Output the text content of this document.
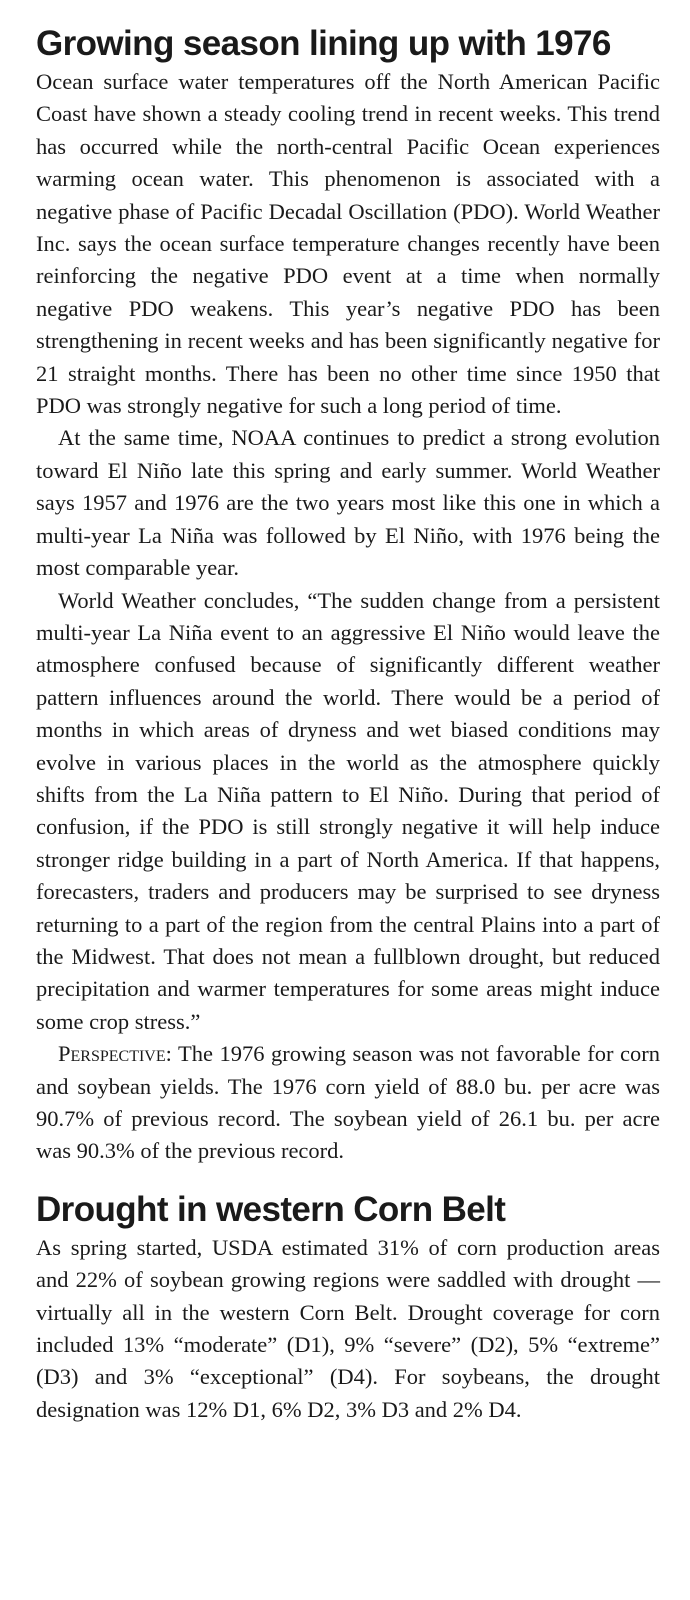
Growing season lining up with 1976

Ocean surface water temperatures off the North American Pacific Coast have shown a steady cooling trend in recent weeks. This trend has occurred while the north-central Pacific Ocean experiences warming ocean water. This phenomenon is associated with a negative phase of Pacific Decadal Oscillation (PDO). World Weather Inc. says the ocean surface temperature changes recently have been reinforcing the negative PDO event at a time when normally negative PDO weakens. This year’s negative PDO has been strengthening in recent weeks and has been significantly negative for 21 straight months. There has been no other time since 1950 that PDO was strongly negative for such a long period of time.

At the same time, NOAA continues to predict a strong evolution toward El Niño late this spring and early summer. World Weather says 1957 and 1976 are the two years most like this one in which a multi-year La Niña was followed by El Niño, with 1976 being the most comparable year.

World Weather concludes, “The sudden change from a persistent multi-year La Niña event to an aggressive El Niño would leave the atmosphere confused because of significantly different weather pattern influences around the world. There would be a period of months in which areas of dryness and wet biased conditions may evolve in various places in the world as the atmosphere quickly shifts from the La Niña pattern to El Niño. During that period of confusion, if the PDO is still strongly negative it will help induce stronger ridge building in a part of North America. If that happens, forecasters, traders and producers may be surprised to see dryness returning to a part of the region from the central Plains into a part of the Midwest. That does not mean a fullblown drought, but reduced precipitation and warmer temperatures for some areas might induce some crop stress.”

Perspective: The 1976 growing season was not favorable for corn and soybean yields. The 1976 corn yield of 88.0 bu. per acre was 90.7% of previous record. The soybean yield of 26.1 bu. per acre was 90.3% of the previous record.

Drought in western Corn Belt

As spring started, USDA estimated 31% of corn production areas and 22% of soybean growing regions were saddled with drought — virtually all in the western Corn Belt. Drought coverage for corn included 13% “moderate” (D1), 9% “severe” (D2), 5% “extreme” (D3) and 3% “exceptional” (D4). For soybeans, the drought designation was 12% D1, 6% D2, 3% D3 and 2% D4.
